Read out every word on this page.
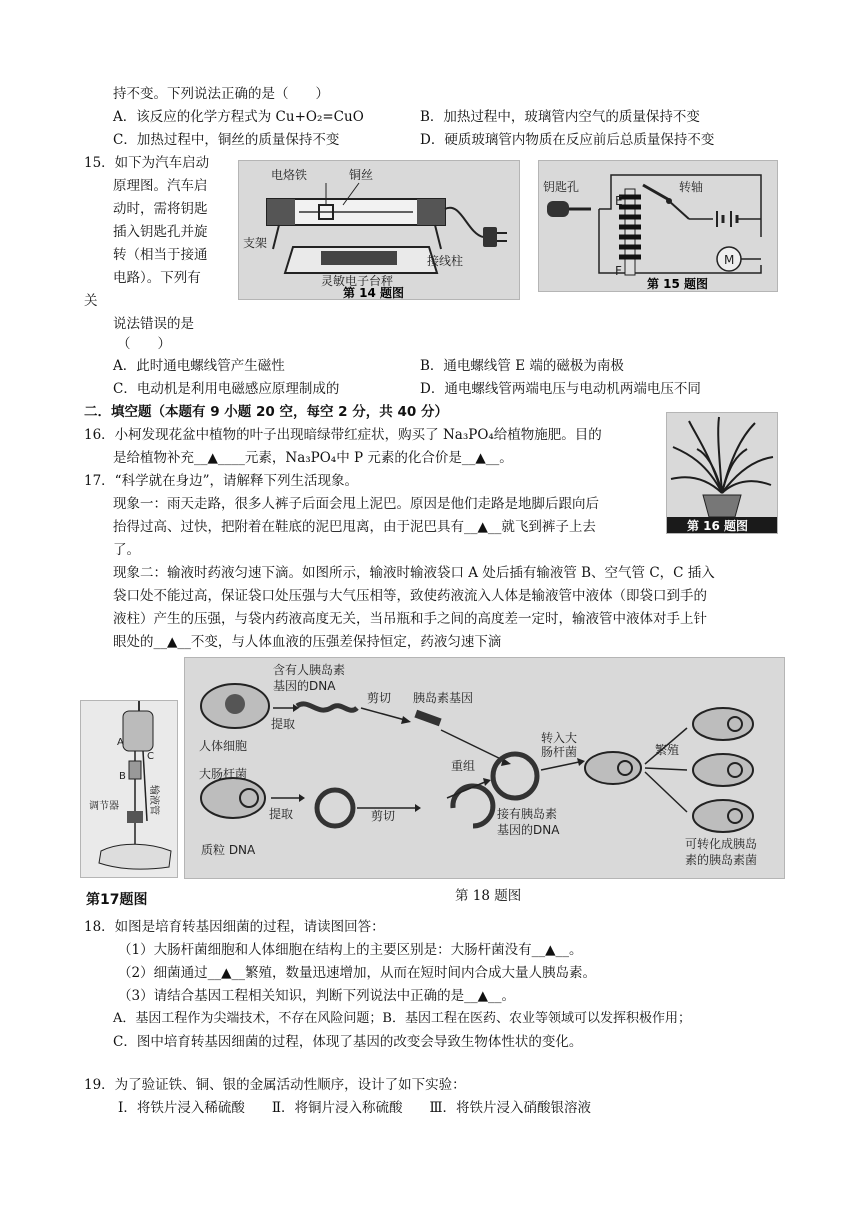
持不变。下列说法正确的是（　　）
A．该反应的化学方程式为 Cu+O₂=CuO	B．加热过程中，玻璃管内空气的质量保持不变
C．加热过程中，铜丝的质量保持不变	D．硬质玻璃管内物质在反应前后总质量保持不变
15．如下为汽车启动
原理图。汽车启
动时，需将钥匙
插入钥匙孔并旋
转（相当于接通
电路）。下列有
关
说法错误的是
（　　）
电烙铁	铜丝
支架
接线柱
灵敏电子台秤
第 14 题图
钥匙孔
E
F
转轴
M
第 15 题图
A．此时通电螺线管产生磁性	B．通电螺线管 E 端的磁极为南极
C．电动机是利用电磁感应原理制成的	D．通电螺线管两端电压与电动机两端电压不同
二．填空题（本题有 9 小题 20 空，每空 2 分，共 40 分）
16．小柯发现花盆中植物的叶子出现暗绿带红症状，购买了 Na₃PO₄给植物施肥。目的
是给植物补充__▲____元素，Na₃PO₄中 P 元素的化合价是__▲__。
第 16 题图
17．“科学就在身边”，请解释下列生活现象。
现象一：雨天走路，很多人裤子后面会甩上泥巴。原因是他们走路是地脚后跟向后
抬得过高、过快，把附着在鞋底的泥巴甩离，由于泥巴具有__▲__就飞到裤子上去
了。
现象二：输液时药液匀速下滴。如图所示，输液时输液袋口 A 处后插有输液管 B、空气管 C，C 插入
袋口处不能过高，保证袋口处压强与大气压相等，致使药液流入人体是输液管中液体（即袋口到手的
液柱）产生的压强，与袋内药液高度无关，当吊瓶和手之间的高度差一定时，输液管中液体对手上针
眼处的__▲__不变，与人体血液的压强差保持恒定，药液匀速下滴
A
B
C
输液管
调节器
第17题图
含有人胰岛素
基因的DNA
提取
剪切 胰岛素基因
人体细胞
大肠杆菌
转入大
肠杆菌	繁殖
重组
提取	剪切	接有胰岛素
基因的DNA
质粒 DNA	可转化成胰岛
素的胰岛素菌
第 18 题图
18．如图是培育转基因细菌的过程，请读图回答：
（1）大肠杆菌细胞和人体细胞在结构上的主要区别是：大肠杆菌没有__▲__。
（2）细菌通过__▲__繁殖，数量迅速增加，从而在短时间内合成大量人胰岛素。
（3）请结合基因工程相关知识，判断下列说法中正确的是__▲__。
A．基因工程作为尖端技术，不存在风险问题；B．基因工程在医药、农业等领域可以发挥积极作用；
C．图中培育转基因细菌的过程，体现了基因的改变会导致生物体性状的变化。
19．为了验证铁、铜、银的金属活动性顺序，设计了如下实验：
Ⅰ．将铁片浸入稀硫酸　　Ⅱ．将铜片浸入称硫酸　　Ⅲ．将铁片浸入硝酸银溶液
